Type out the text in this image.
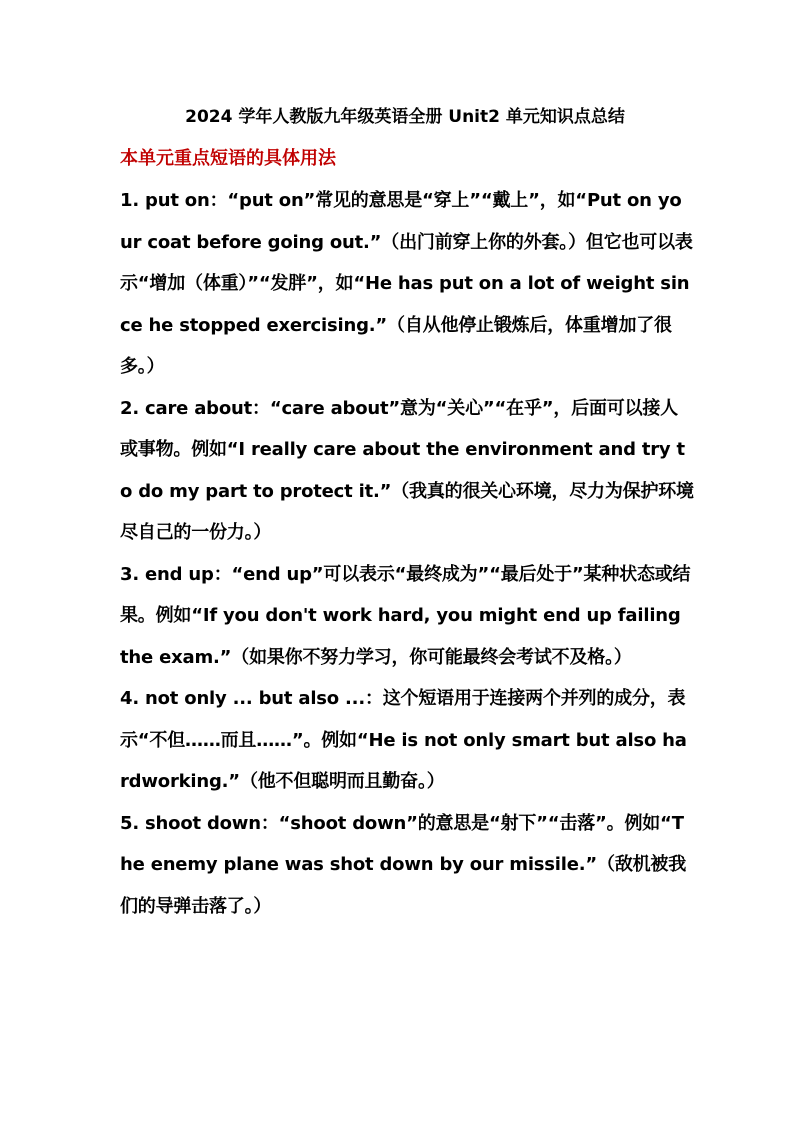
2024 学年人教版九年级英语全册 Unit2 单元知识点总结
本单元重点短语的具体用法

1. put on：“put on”常见的意思是“穿上”“戴上”，如“Put on your coat before going out.”（出门前穿上你的外套。）但它也可以表示“增加（体重）”“发胖”，如“He has put on a lot of weight since he stopped exercising.”（自从他停止锻炼后，体重增加了很多。）

2. care about：“care about”意为“关心”“在乎”，后面可以接人或事物。例如“I really care about the environment and try to do my part to protect it.”（我真的很关心环境，尽力为保护环境尽自己的一份力。）

3. end up：“end up”可以表示“最终成为”“最后处于”某种状态或结果。例如“If you don't work hard, you might end up failing the exam.”（如果你不努力学习，你可能最终会考试不及格。）

4. not only ... but also ...：这个短语用于连接两个并列的成分，表示“不但……而且……”。例如“He is not only smart but also hardworking.”（他不但聪明而且勤奋。）

5. shoot down：“shoot down”的意思是“射下”“击落”。例如“The enemy plane was shot down by our missile.”（敌机被我们的导弹击落了。）
